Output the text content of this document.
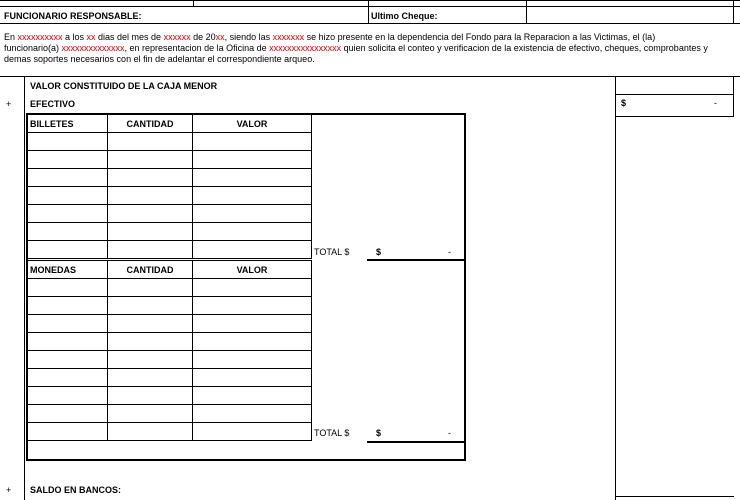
FUNCIONARIO RESPONSABLE:	Ultimo Cheque:
En xxxxxxxxxx a los xx dias del mes de xxxxxx de 20xx, siendo las xxxxxxx se hizo presente en la dependencia del Fondo para la Reparacion a las Victimas, el (la)
funcionario(a) xxxxxxxxxxxxxx, en representacion de la Oficina de xxxxxxxxxxxxxxxx quien solicita el conteo y verificacion de la existencia de efectivo, cheques, comprobantes y
demas soportes necesarios con el fin de adelantar el correspondiente arqueo.
VALOR CONSTITUIDO DE LA CAJA MENOR
+ EFECTIVO	$	-
BILLETES	CANTIDAD	VALOR

TOTAL $	$	-
MONEDAS	CANTIDAD	VALOR

TOTAL $	$	-
+ SALDO EN BANCOS:
